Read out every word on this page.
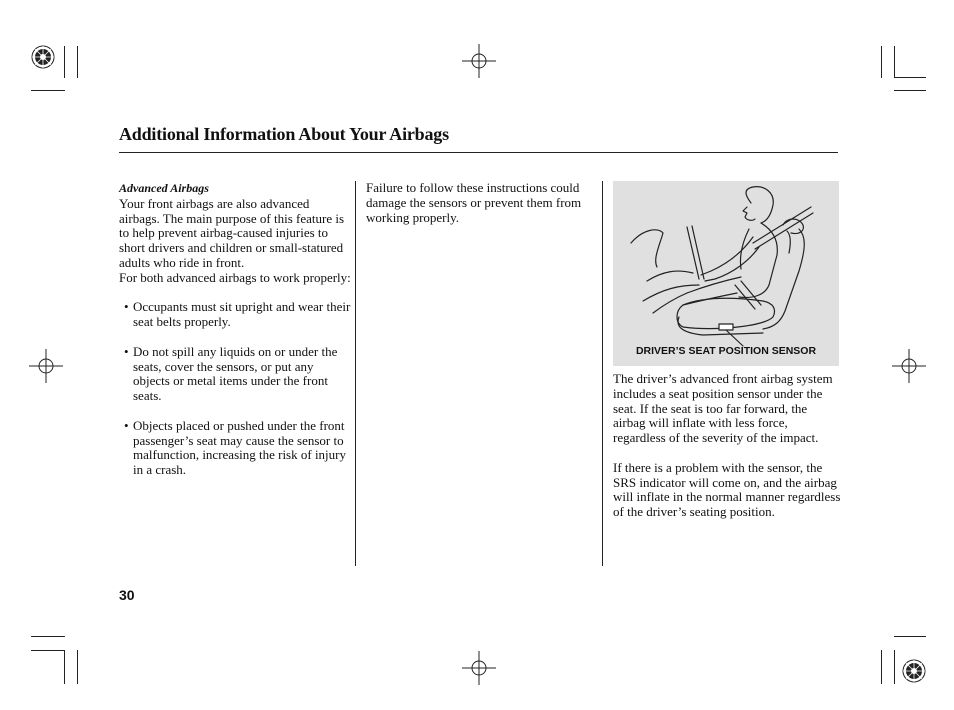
Additional Information About Your Airbags

Advanced Airbags

Your front airbags are also advanced airbags. The main purpose of this feature is to help prevent airbag-caused injuries to short drivers and children or small-statured adults who ride in front.

For both advanced airbags to work properly:

• Occupants must sit upright and wear their seat belts properly.

• Do not spill any liquids on or under the seats, cover the sensors, or put any objects or metal items under the front seats.

• Objects placed or pushed under the front passenger’s seat may cause the sensor to malfunction, increasing the risk of injury in a crash.

Failure to follow these instructions could damage the sensors or prevent them from working properly.

DRIVER’S SEAT POSITION SENSOR

The driver’s advanced front airbag system includes a seat position sensor under the seat. If the seat is too far forward, the airbag will inflate with less force, regardless of the severity of the impact.

If there is a problem with the sensor, the SRS indicator will come on, and the airbag will inflate in the normal manner regardless of the driver’s seating position.

30
